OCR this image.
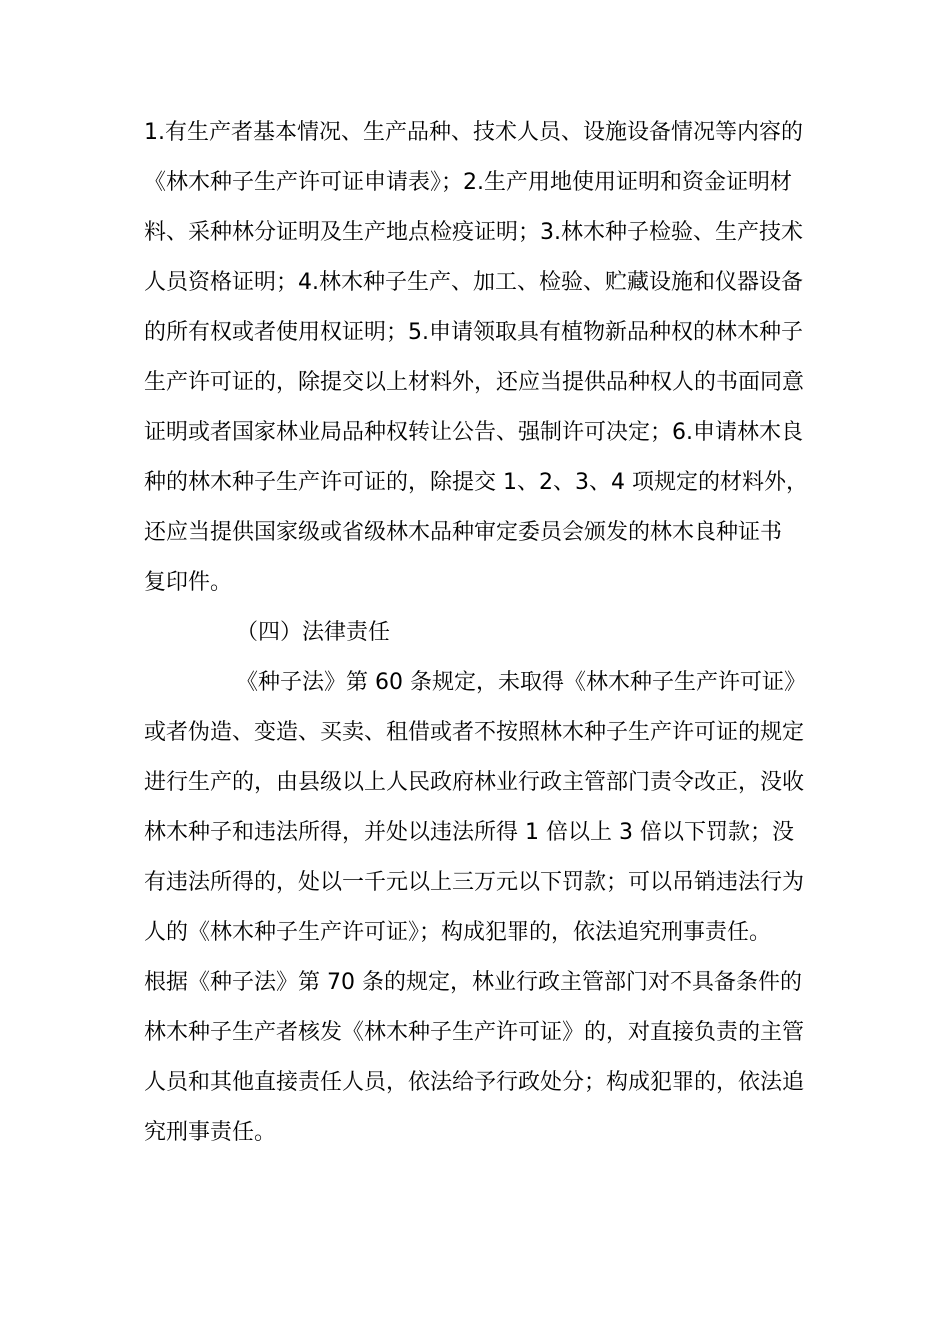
1.有生产者基本情况、生产品种、技术人员、设施设备情况等内容的
《林木种子生产许可证申请表》；2.生产用地使用证明和资金证明材
料、采种林分证明及生产地点检疫证明；3.林木种子检验、生产技术
人员资格证明；4.林木种子生产、加工、检验、贮藏设施和仪器设备
的所有权或者使用权证明；5.申请领取具有植物新品种权的林木种子
生产许可证的，除提交以上材料外，还应当提供品种权人的书面同意
证明或者国家林业局品种权转让公告、强制许可决定；6.申请林木良
种的林木种子生产许可证的，除提交 1、2、3、4 项规定的材料外，
还应当提供国家级或省级林木品种审定委员会颁发的林木良种证书
复印件。
（四）法律责任
《种子法》第 60 条规定，未取得《林木种子生产许可证》
或者伪造、变造、买卖、租借或者不按照林木种子生产许可证的规定
进行生产的，由县级以上人民政府林业行政主管部门责令改正，没收
林木种子和违法所得，并处以违法所得 1 倍以上 3 倍以下罚款；没
有违法所得的，处以一千元以上三万元以下罚款；可以吊销违法行为
人的《林木种子生产许可证》；构成犯罪的，依法追究刑事责任。
根据《种子法》第 70 条的规定，林业行政主管部门对不具备条件的
林木种子生产者核发《林木种子生产许可证》的，对直接负责的主管
人员和其他直接责任人员，依法给予行政处分；构成犯罪的，依法追
究刑事责任。
